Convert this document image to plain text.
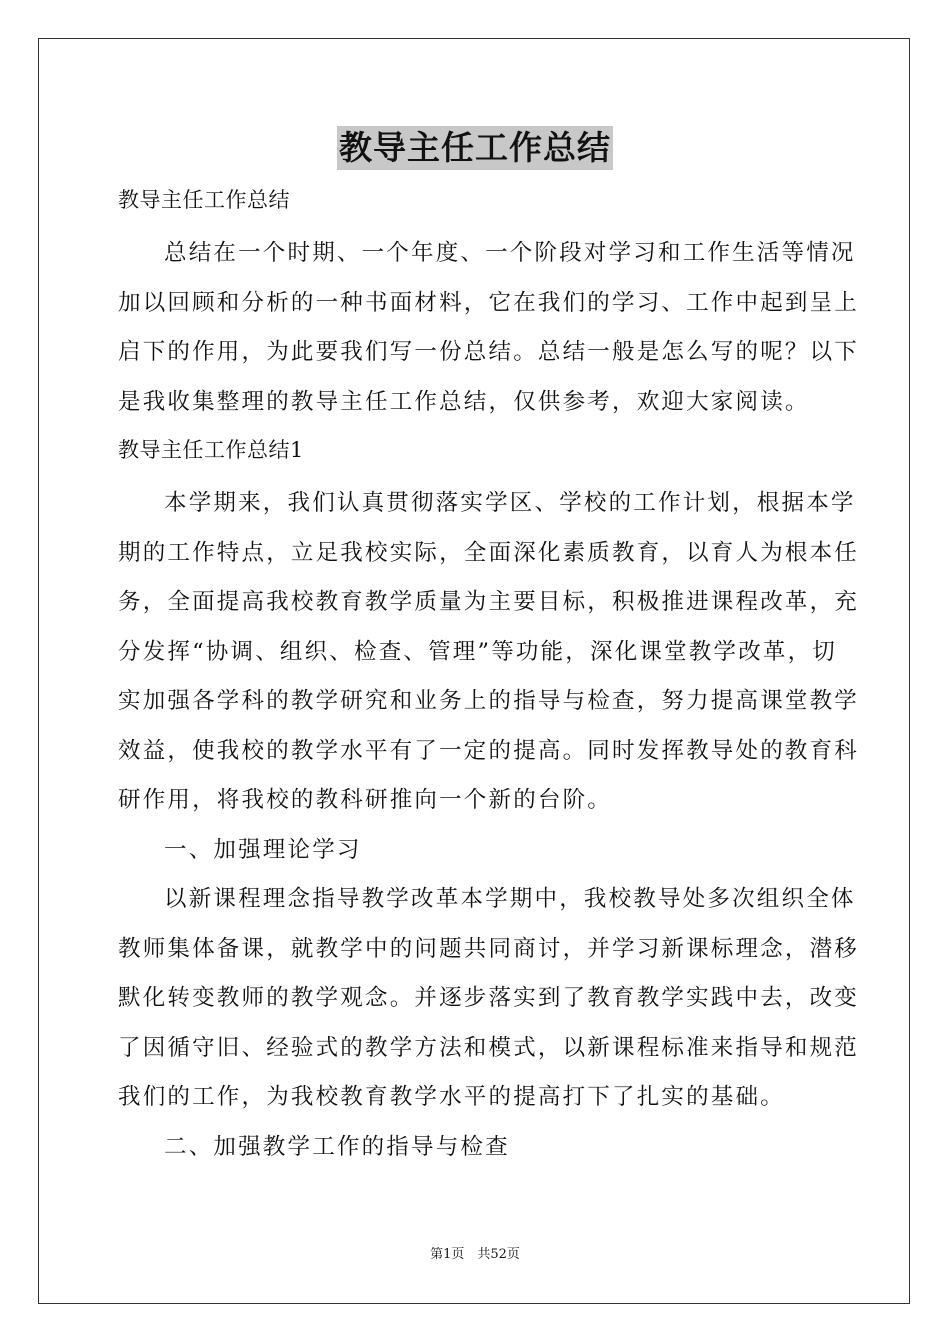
教导主任工作总结

教导主任工作总结

总结在一个时期、一个年度、一个阶段对学习和工作生活等情况

加以回顾和分析的一种书面材料，它在我们的学习、工作中起到呈上

启下的作用，为此要我们写一份总结。总结一般是怎么写的呢？以下

是我收集整理的教导主任工作总结，仅供参考，欢迎大家阅读。

教导主任工作总结1

本学期来，我们认真贯彻落实学区、学校的工作计划，根据本学

期的工作特点，立足我校实际，全面深化素质教育，以育人为根本任

务，全面提高我校教育教学质量为主要目标，积极推进课程改革，充

分发挥“协调、组织、检查、管理”等功能，深化课堂教学改革，切

实加强各学科的教学研究和业务上的指导与检查，努力提高课堂教学

效益，使我校的教学水平有了一定的提高。同时发挥教导处的教育科

研作用，将我校的教科研推向一个新的台阶。

一、加强理论学习

以新课程理念指导教学改革本学期中，我校教导处多次组织全体

教师集体备课，就教学中的问题共同商讨，并学习新课标理念，潜移

默化转变教师的教学观念。并逐步落实到了教育教学实践中去，改变

了因循守旧、经验式的教学方法和模式，以新课程标准来指导和规范

我们的工作，为我校教育教学水平的提高打下了扎实的基础。

二、加强教学工作的指导与检查

第1页　共52页
